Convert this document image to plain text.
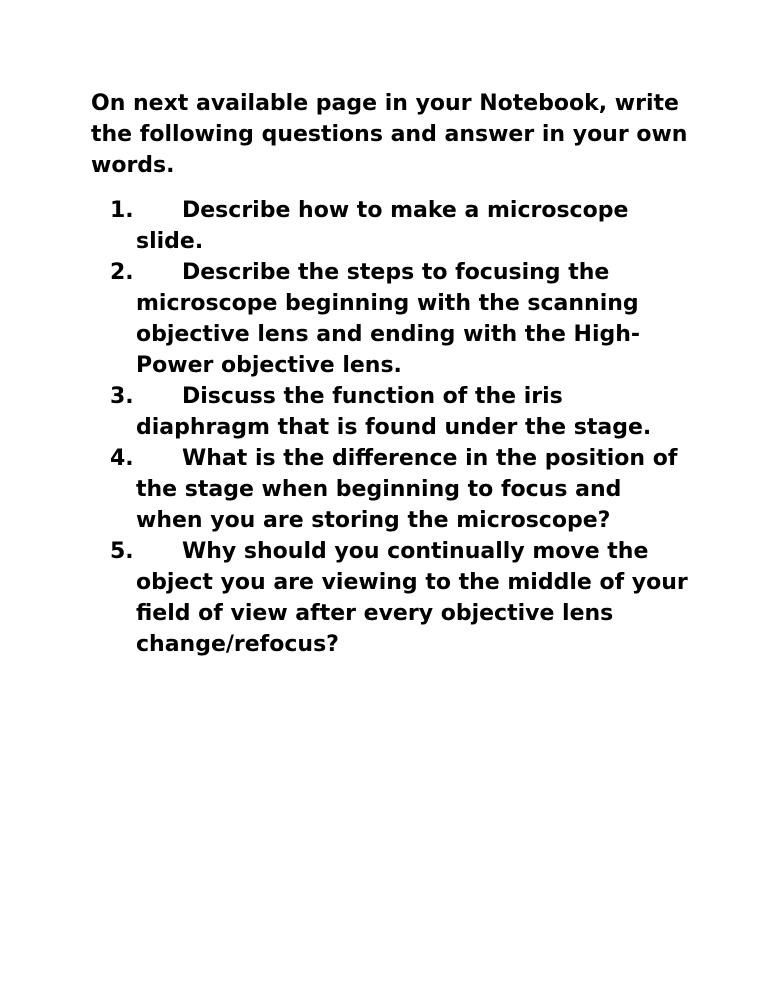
On next available page in your Notebook, write the following questions and answer in your own words.

1. Describe how to make a microscope slide.
2. Describe the steps to focusing the microscope beginning with the scanning objective lens and ending with the High-Power objective lens.
3. Discuss the function of the iris diaphragm that is found under the stage.
4. What is the difference in the position of the stage when beginning to focus and when you are storing the microscope?
5. Why should you continually move the object you are viewing to the middle of your field of view after every objective lens change/refocus?
